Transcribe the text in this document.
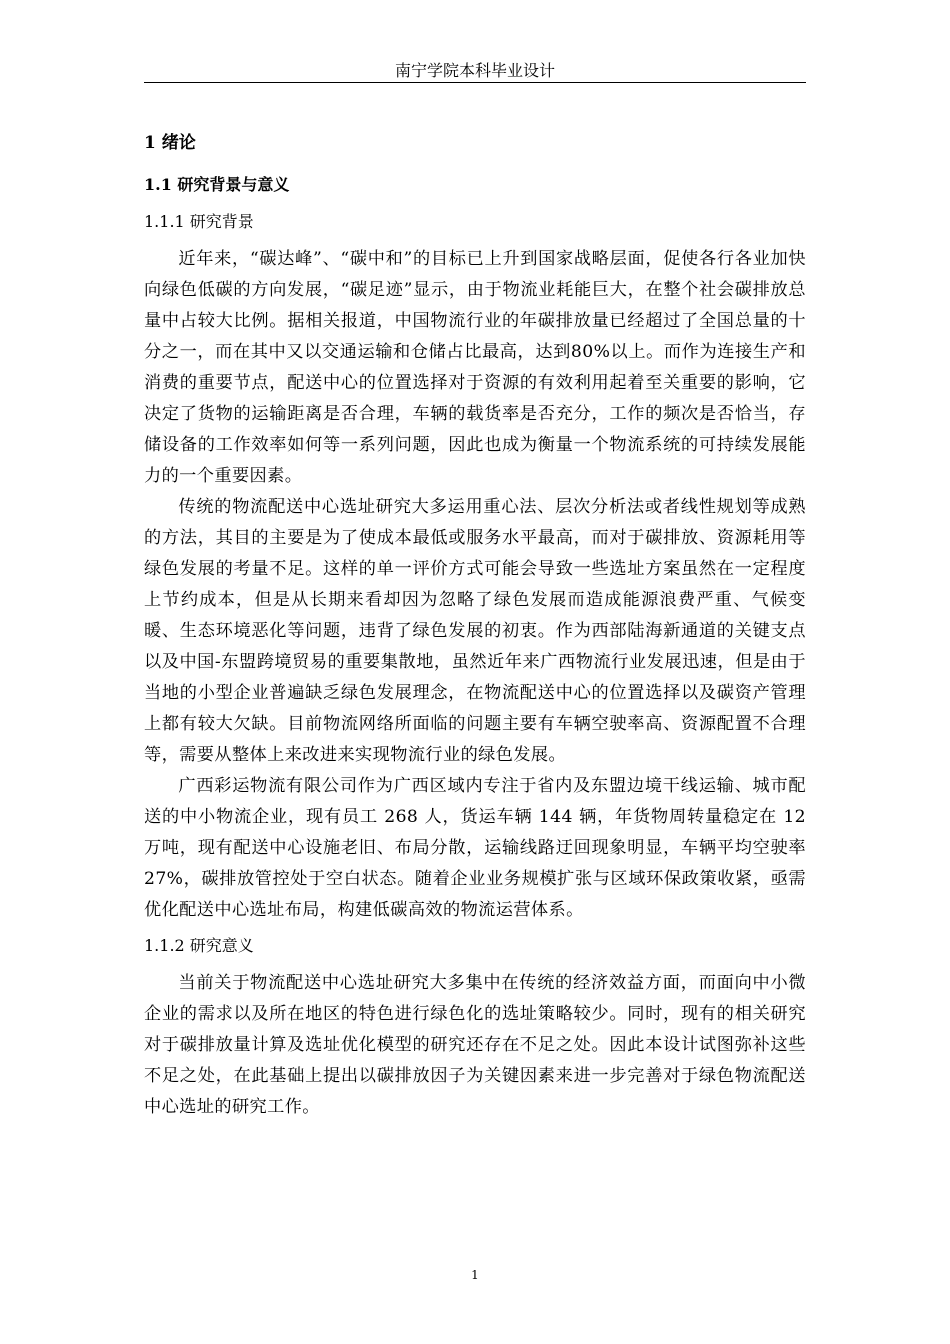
南宁学院本科毕业设计
1 绪论
1.1 研究背景与意义
1.1.1 研究背景

近年来，“碳达峰”、“碳中和”的目标已上升到国家战略层面，促使各行各业加快向绿色低碳的方向发展，“碳足迹”显示，由于物流业耗能巨大，在整个社会碳排放总量中占较大比例。据相关报道，中国物流行业的年碳排放量已经超过了全国总量的十分之一，而在其中又以交通运输和仓储占比最高，达到80%以上。而作为连接生产和消费的重要节点，配送中心的位置选择对于资源的有效利用起着至关重要的影响，它决定了货物的运输距离是否合理，车辆的载货率是否充分，工作的频次是否恰当，存储设备的工作效率如何等一系列问题，因此也成为衡量一个物流系统的可持续发展能力的一个重要因素。

传统的物流配送中心选址研究大多运用重心法、层次分析法或者线性规划等成熟的方法，其目的主要是为了使成本最低或服务水平最高，而对于碳排放、资源耗用等绿色发展的考量不足。这样的单一评价方式可能会导致一些选址方案虽然在一定程度上节约成本，但是从长期来看却因为忽略了绿色发展而造成能源浪费严重、气候变暖、生态环境恶化等问题，违背了绿色发展的初衷。作为西部陆海新通道的关键支点以及中国-东盟跨境贸易的重要集散地，虽然近年来广西物流行业发展迅速，但是由于当地的小型企业普遍缺乏绿色发展理念，在物流配送中心的位置选择以及碳资产管理上都有较大欠缺。目前物流网络所面临的问题主要有车辆空驶率高、资源配置不合理等，需要从整体上来改进来实现物流行业的绿色发展。

广西彩运物流有限公司作为广西区域内专注于省内及东盟边境干线运输、城市配送的中小物流企业，现有员工 268 人，货运车辆 144 辆，年货物周转量稳定在 12 万吨，现有配送中心设施老旧、布局分散，运输线路迂回现象明显，车辆平均空驶率 27%，碳排放管控处于空白状态。随着企业业务规模扩张与区域环保政策收紧，亟需优化配送中心选址布局，构建低碳高效的物流运营体系。

1.1.2 研究意义

当前关于物流配送中心选址研究大多集中在传统的经济效益方面，而面向中小微企业的需求以及所在地区的特色进行绿色化的选址策略较少。同时，现有的相关研究对于碳排放量计算及选址优化模型的研究还存在不足之处。因此本设计试图弥补这些不足之处，在此基础上提出以碳排放因子为关键因素来进一步完善对于绿色物流配送中心选址的研究工作。

1
